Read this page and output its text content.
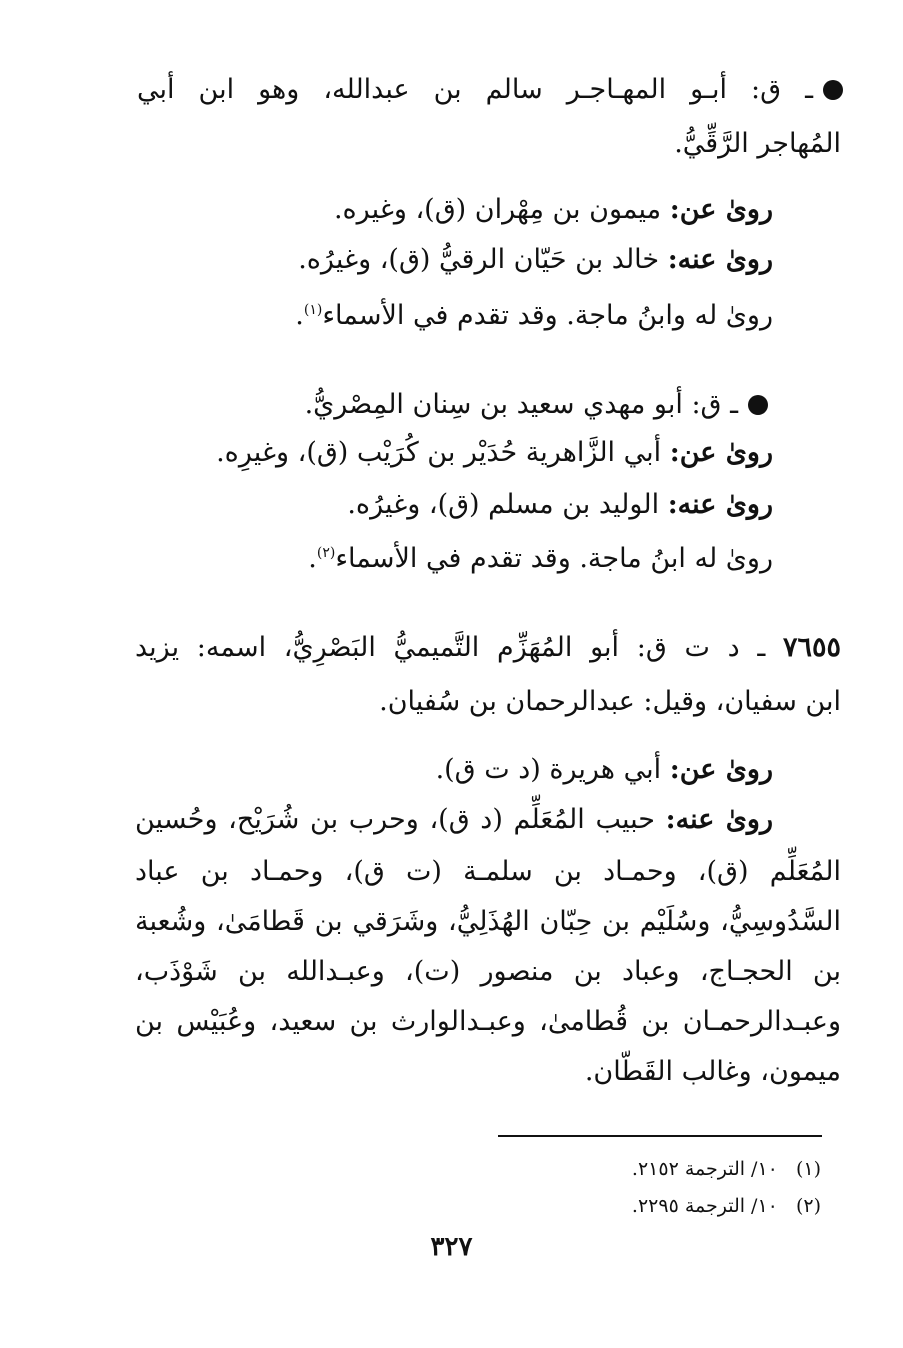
ـ ق: أبـو المهـاجـر سالم بن عبدالله، وهو ابن أبي
المُهاجر الرَّقِّيُّ.
روىٰ عن: ميمون بن مِهْران (ق)، وغيره.
روىٰ عنه: خالد بن حَيّان الرقيُّ (ق)، وغيرُه.
روىٰ له وابنُ ماجة. وقد تقدم في الأسماء$^{(١)}$.
ـ ق: أبو مهدي سعيد بن سِنان المِصْريُّ.
روىٰ عن: أبي الزَّاهرية حُدَيْر بن كُرَيْب (ق)، وغيرِه.
روىٰ عنه: الوليد بن مسلم (ق)، وغيرُه.
روىٰ له ابنُ ماجة. وقد تقدم في الأسماء$^{(٢)}$.
٧٦٥٥ ـ د ت ق: أبو المُهَزِّم التَّميميُّ البَصْرِيُّ، اسمه: يزيد
ابن سفيان، وقيل: عبدالرحمان بن سُفيان.
روىٰ عن: أبي هريرة (د ت ق).
روىٰ عنه: حبيب المُعَلِّم (د ق)، وحرب بن شُرَيْح، وحُسين
المُعَلِّم (ق)، وحمـاد بن سلمـة (ت ق)، وحمـاد بن عباد
السَّدُوسِيُّ، وسُلَيْم بن حِبّان الهُذَلِيُّ، وشَرَقي بن قَطامَىٰ، وشُعبة
بن الحجـاج، وعباد بن منصور (ت)، وعبـدالله بن شَوْذَب،
وعبـدالرحمـان بن قُطامىٰ، وعبـدالوارث بن سعيد، وعُبَيْس بن
ميمون، وغالب القَطّان.
(١) ١٠/ الترجمة ٢١٥٢.
(٢) ١٠/ الترجمة ٢٢٩٥.
٣٢٧
